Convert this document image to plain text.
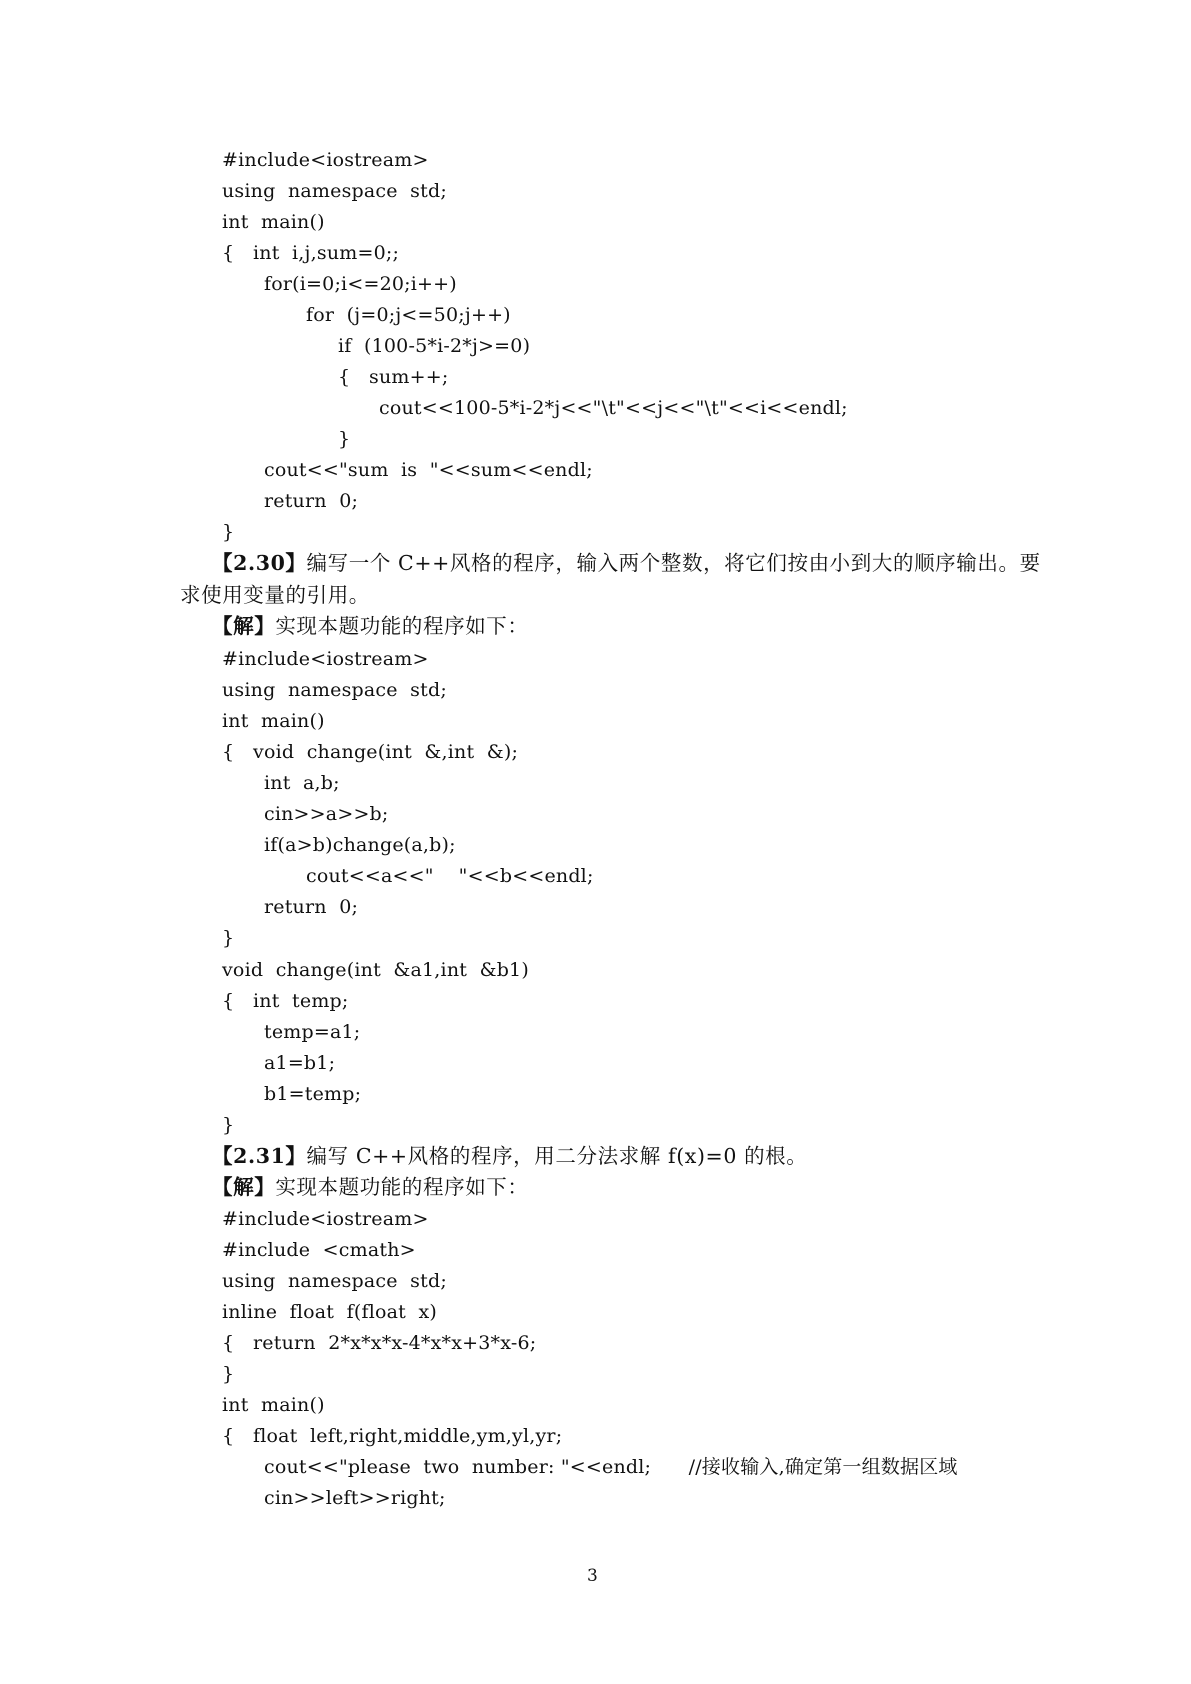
#include<iostream>
using  namespace  std;
int  main()
{   int  i,j,sum=0;;
for(i=0;i<=20;i++)
for  (j=0;j<=50;j++)
if  (100-5*i-2*j>=0)
{   sum++;
cout<<100-5*i-2*j<<"\t"<<j<<"\t"<<i<<endl;
}
cout<<"sum  is  "<<sum<<endl;
return  0;
}
【2.30】编写一个 C++风格的程序，输入两个整数，将它们按由小到大的顺序输出。要
求使用变量的引用。
【解】实现本题功能的程序如下：
#include<iostream>
using  namespace  std;
int  main()
{   void  change(int  &,int  &);
int  a,b;
cin>>a>>b;
if(a>b)change(a,b);
cout<<a<<"    "<<b<<endl;
return  0;
}
void  change(int  &a1,int  &b1)
{   int  temp;
temp=a1;
a1=b1;
b1=temp;
}
【2.31】编写 C++风格的程序，用二分法求解 f(x)=0 的根。
【解】实现本题功能的程序如下：
#include<iostream>
#include  <cmath>
using  namespace  std;
inline  float  f(float  x)
{   return  2*x*x*x-4*x*x+3*x-6;
}
int  main()
{   float  left,right,middle,ym,yl,yr;
cout<<"please  two  number: "<<endl;      //接收输入,确定第一组数据区域
cin>>left>>right;
3
